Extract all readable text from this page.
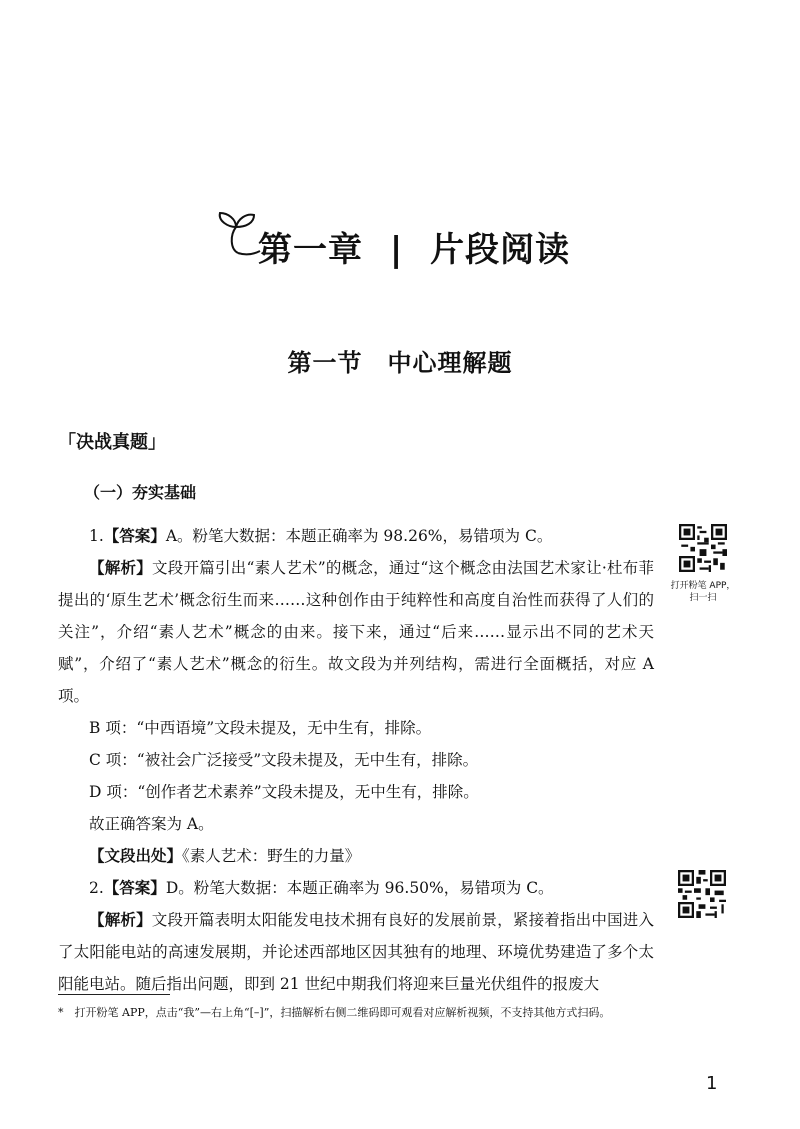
第一章 | 片段阅读
第一节　中心理解题
「决战真题」
（一）夯实基础

1.【答案】A。粉笔大数据：本题正确率为 98.26%，易错项为 C。

【解析】文段开篇引出“素人艺术”的概念，通过“这个概念由法国艺术家让·杜布菲提出的‘原生艺术’概念衍生而来……这种创作由于纯粹性和高度自治性而获得了人们的关注”，介绍“素人艺术”概念的由来。接下来，通过“后来……显示出不同的艺术天赋”，介绍了“素人艺术”概念的衍生。故文段为并列结构，需进行全面概括，对应 A 项。

B 项：“中西语境”文段未提及，无中生有，排除。

C 项：“被社会广泛接受”文段未提及，无中生有，排除。

D 项：“创作者艺术素养”文段未提及，无中生有，排除。

故正确答案为 A。

【文段出处】《素人艺术：野生的力量》

2.【答案】D。粉笔大数据：本题正确率为 96.50%，易错项为 C。

【解析】文段开篇表明太阳能发电技术拥有良好的发展前景，紧接着指出中国进入了太阳能电站的高速发展期，并论述西部地区因其独有的地理、环境优势建造了多个太阳能电站。随后指出问题，即到 21 世纪中期我们将迎来巨量光伏组件的报废大

打开粉笔 APP，
扫一扫
*　打开粉笔 APP，点击“我”—右上角“[–]”，扫描解析右侧二维码即可观看对应解析视频，不支持其他方式扫码。
1
